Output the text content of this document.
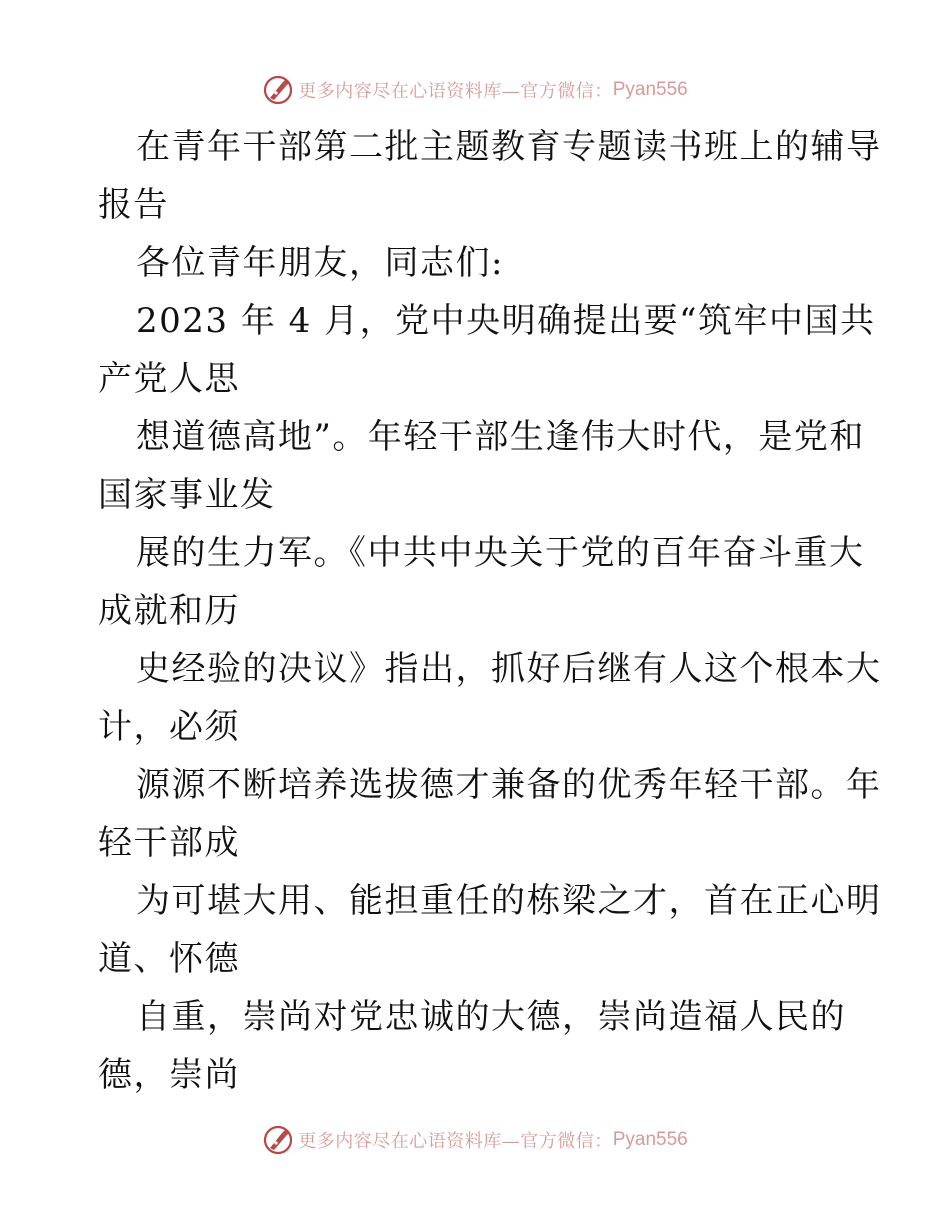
更多内容尽在心语资料库—官方微信： Pyan556
在青年干部第二批主题教育专题读书班上的辅导
报告
各位青年朋友，同志们:
2023 年 4 月，党中央明确提出要“筑牢中国共
产党人思
想道德高地”。年轻干部生逢伟大时代，是党和
国家事业发
展的生力军。《中共中央关于党的百年奋斗重大
成就和历
史经验的决议》指出，抓好后继有人这个根本大
计，必须
源源不断培养选拔德才兼备的优秀年轻干部。年
轻干部成
为可堪大用、能担重任的栋梁之才，首在正心明
道、怀德
自重，崇尚对党忠诚的大德，崇尚造福人民的
德，崇尚
更多内容尽在心语资料库—官方微信： Pyan556
